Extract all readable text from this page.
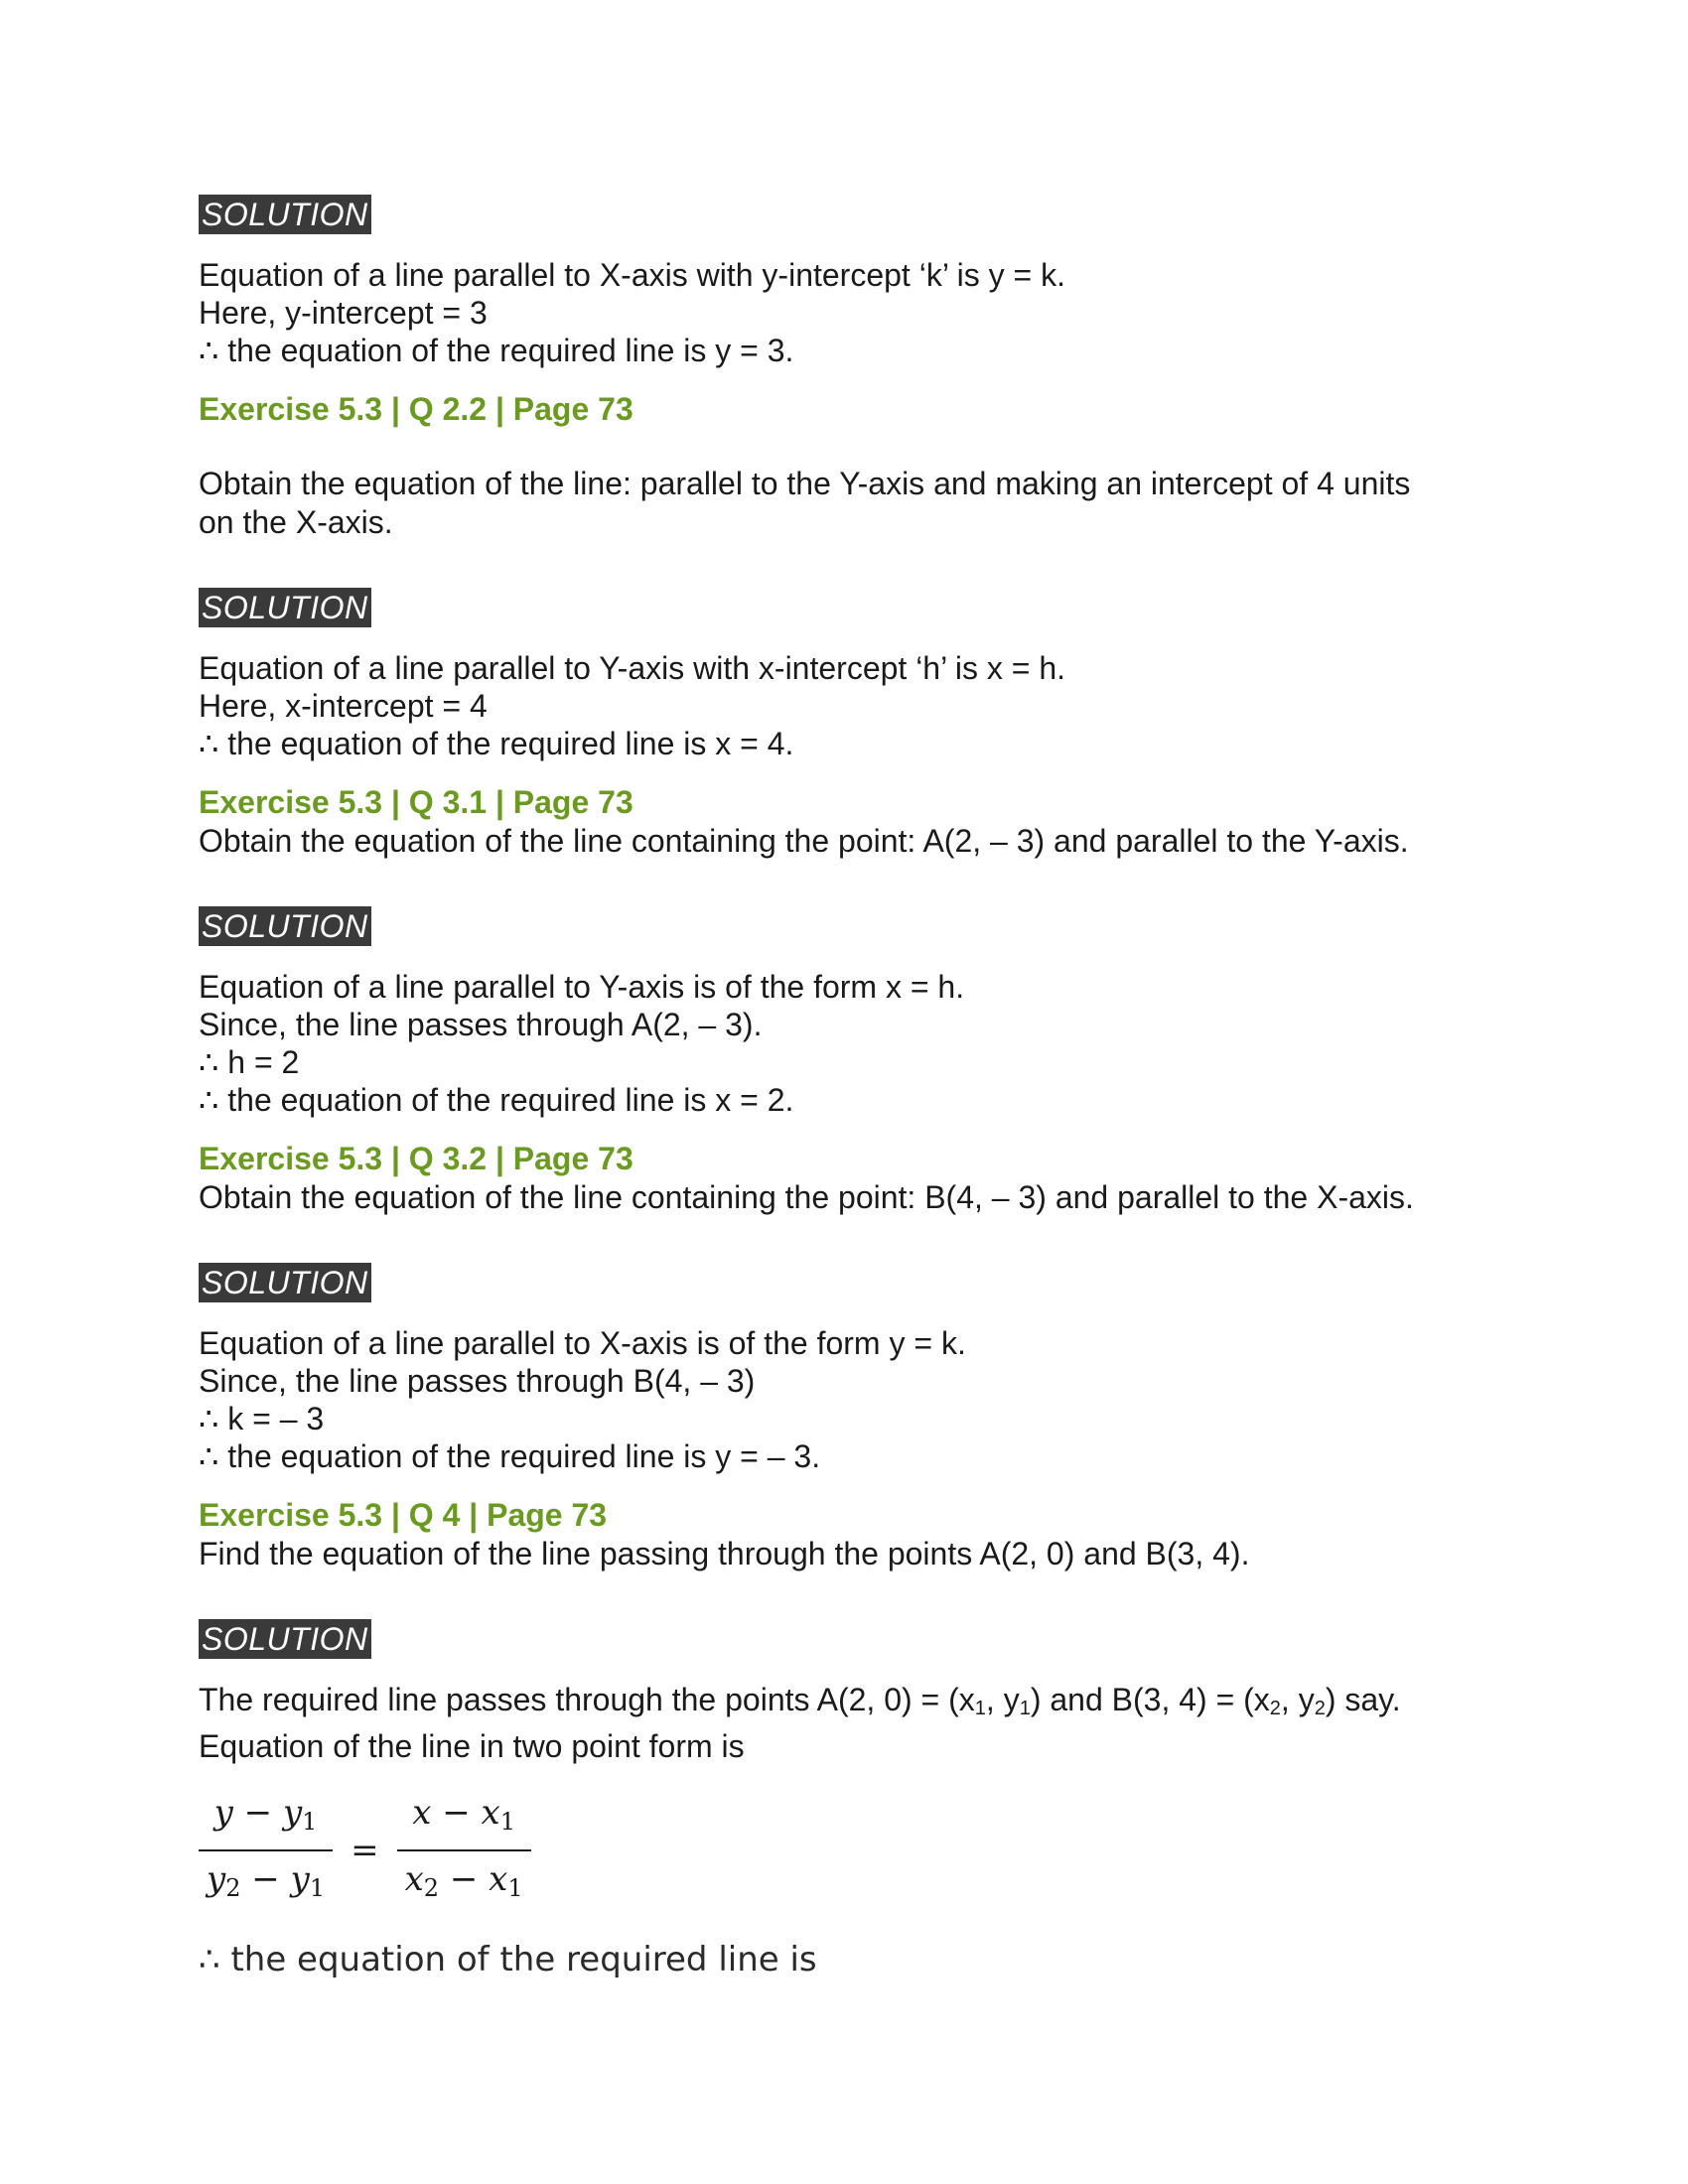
SOLUTION
Equation of a line parallel to X-axis with y-intercept ‘k’ is y = k.
Here, y-intercept = 3
∴ the equation of the required line is y = 3.
Exercise 5.3 | Q 2.2 | Page 73
Obtain the equation of the line: parallel to the Y-axis and making an intercept of 4 units
on the X-axis.
SOLUTION
Equation of a line parallel to Y-axis with x-intercept ‘h’ is x = h.
Here, x-intercept = 4
∴ the equation of the required line is x = 4.
Exercise 5.3 | Q 3.1 | Page 73
Obtain the equation of the line containing the point: A(2, – 3) and parallel to the Y-axis.
SOLUTION
Equation of a line parallel to Y-axis is of the form x = h.
Since, the line passes through A(2, – 3).
∴ h = 2
∴ the equation of the required line is x = 2.
Exercise 5.3 | Q 3.2 | Page 73
Obtain the equation of the line containing the point: B(4, – 3) and parallel to the X-axis.
SOLUTION
Equation of a line parallel to X-axis is of the form y = k.
Since, the line passes through B(4, – 3)
∴ k = – 3
∴ the equation of the required line is y = – 3.
Exercise 5.3 | Q 4 | Page 73
Find the equation of the line passing through the points A(2, 0) and B(3, 4).
SOLUTION
The required line passes through the points A(2, $0) = (x_1$, $y_1$) and B(3, $4) = (x_2$, $y_2$) say.
Equation of the line in two point form is
$\frac{y - y1}{y2 - y1} = \frac{x - x1}{x2 - x1}$
∴ the equation of the required line is
